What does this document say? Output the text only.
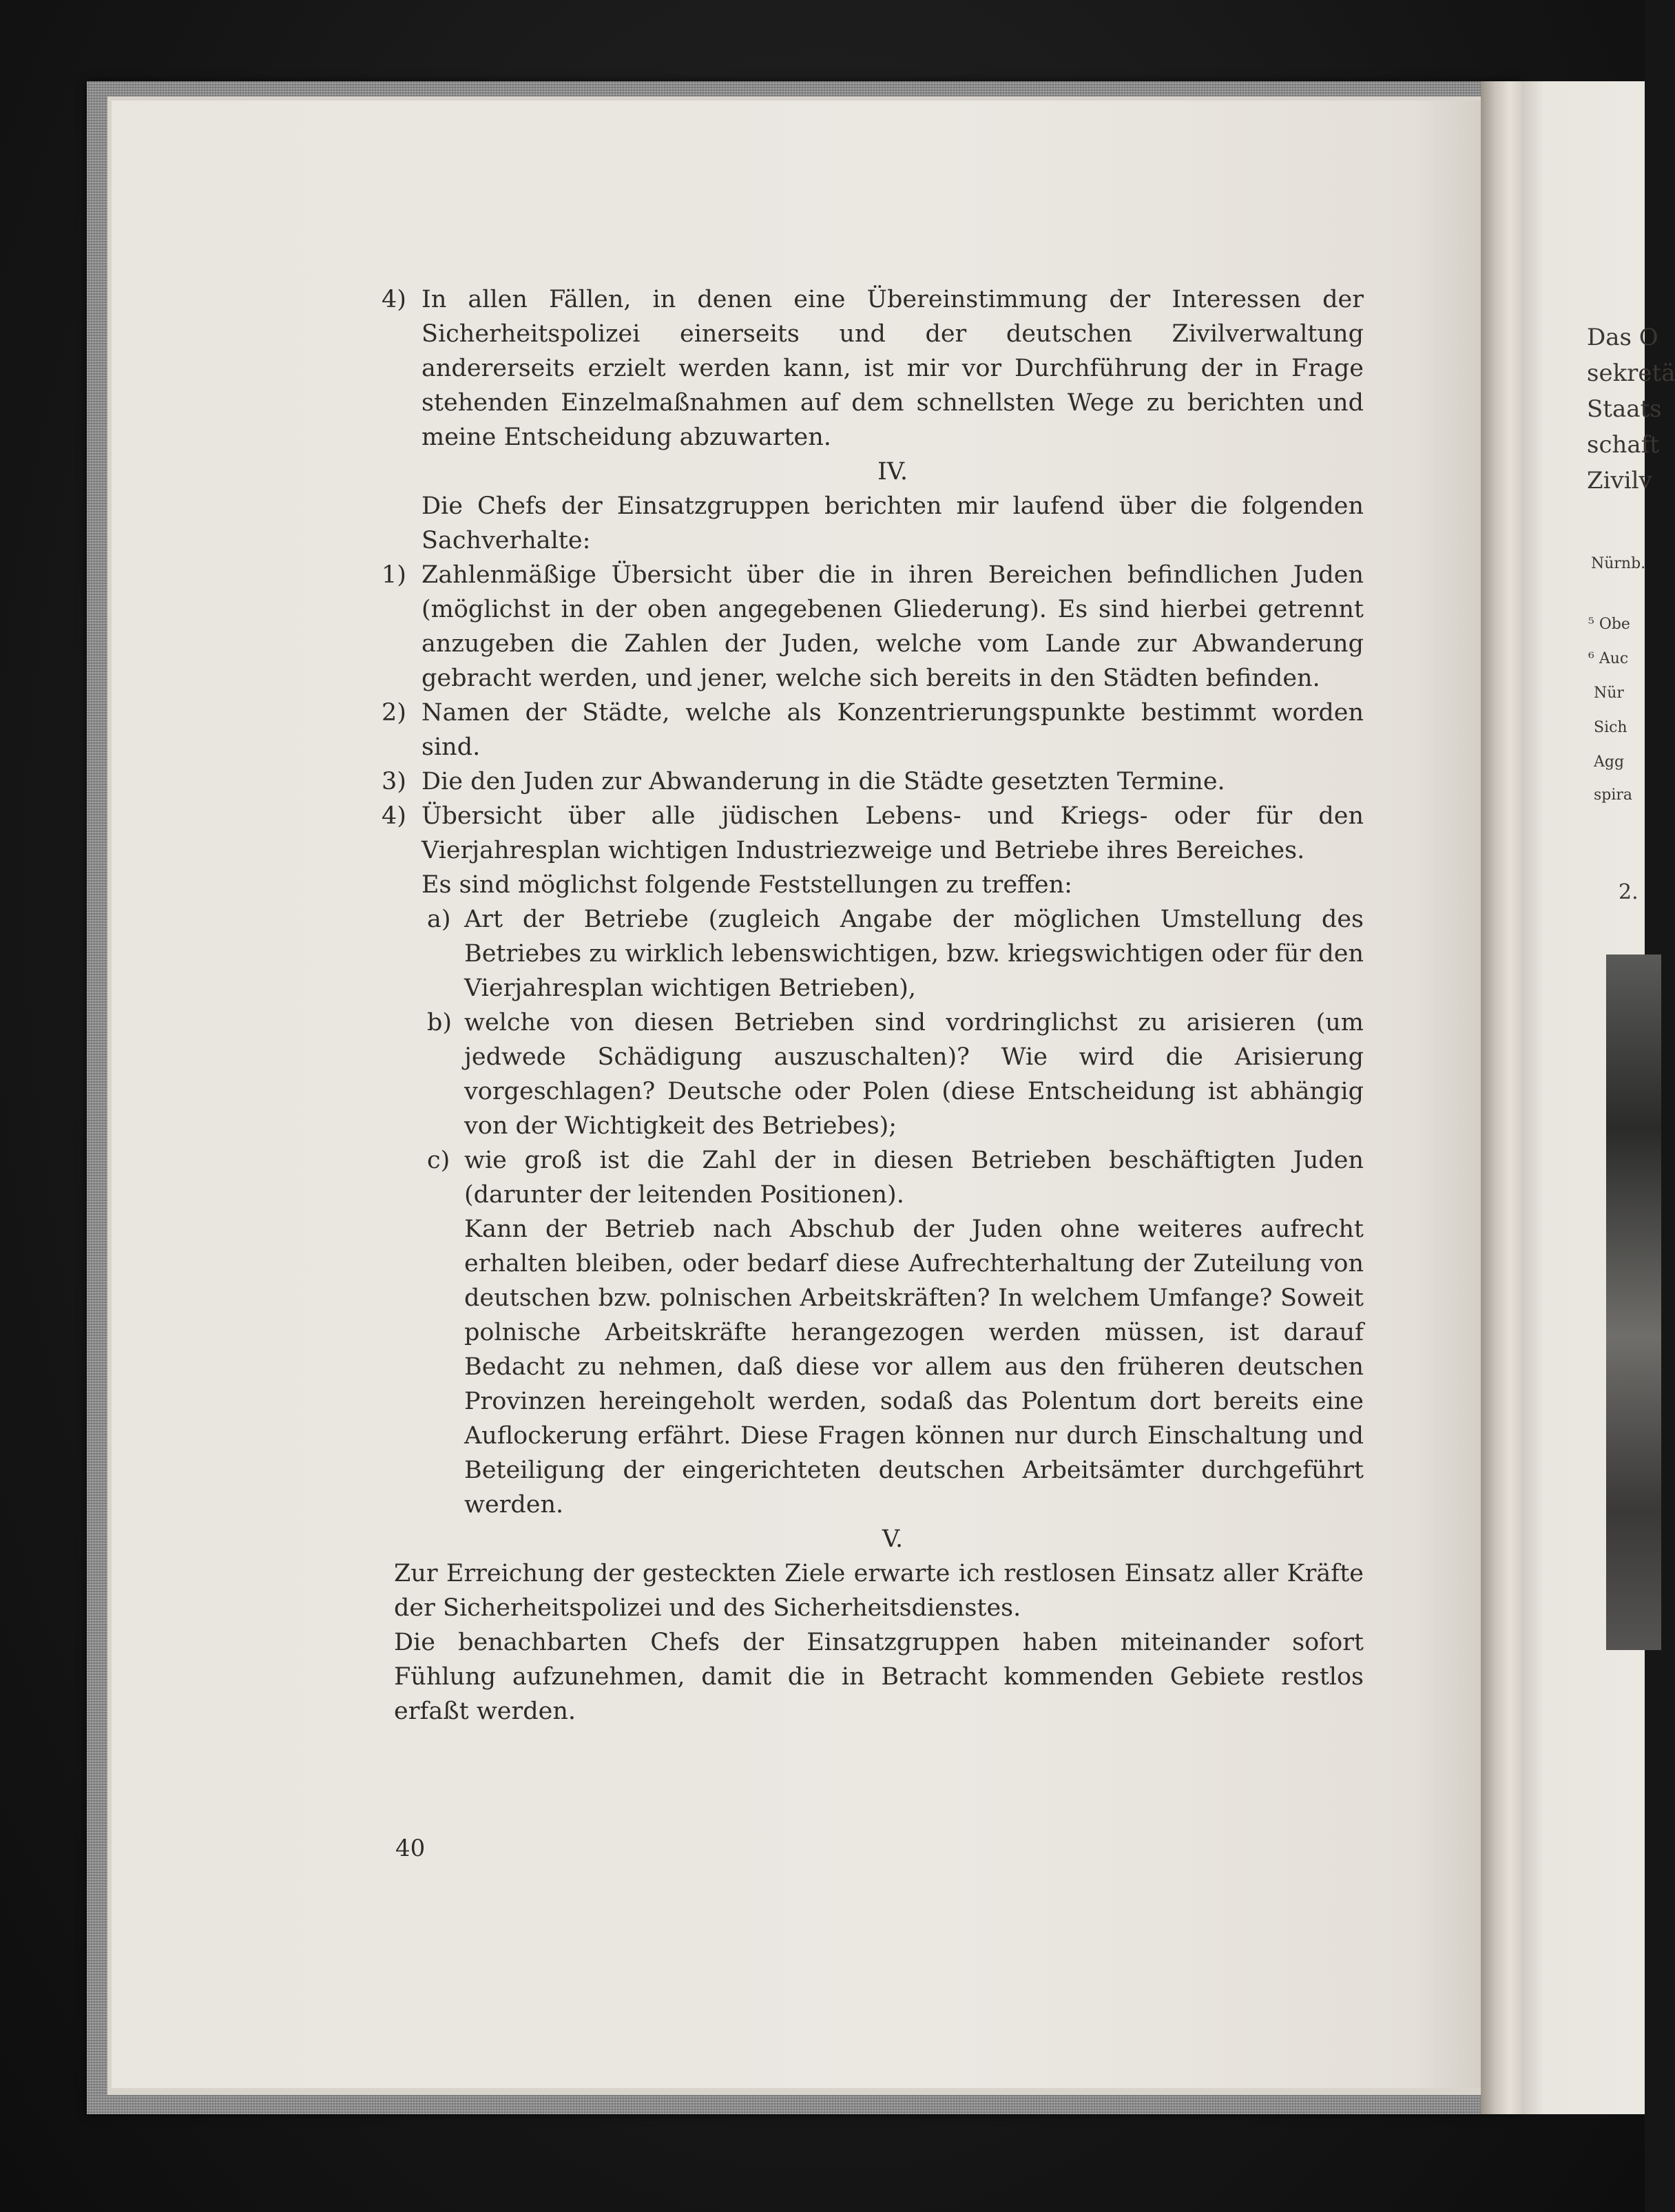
4) In allen Fällen, in denen eine Übereinstimmung der Interessen der Sicherheitspolizei einerseits und der deutschen Zivilverwaltung andererseits erzielt werden kann, ist mir vor Durchführung der in Frage stehenden Einzelmaßnahmen auf dem schnellsten Wege zu berichten und meine Entscheidung abzuwarten.
IV.
Die Chefs der Einsatzgruppen berichten mir laufend über die folgenden Sachverhalte:
1) Zahlenmäßige Übersicht über die in ihren Bereichen befindlichen Juden (möglichst in der oben angegebenen Gliederung). Es sind hierbei getrennt anzugeben die Zahlen der Juden, welche vom Lande zur Abwanderung gebracht werden, und jener, welche sich bereits in den Städten befinden.
2) Namen der Städte, welche als Konzentrierungspunkte bestimmt worden sind.
3) Die den Juden zur Abwanderung in die Städte gesetzten Termine.
4) Übersicht über alle jüdischen Lebens- und Kriegs- oder für den Vierjahresplan wichtigen Industriezweige und Betriebe ihres Bereiches.
Es sind möglichst folgende Feststellungen zu treffen:
a) Art der Betriebe (zugleich Angabe der möglichen Umstellung des Betriebes zu wirklich lebenswichtigen, bzw. kriegswichtigen oder für den Vierjahresplan wichtigen Betrieben),
b) welche von diesen Betrieben sind vordringlichst zu arisieren (um jedwede Schädigung auszuschalten)? Wie wird die Arisierung vorgeschlagen? Deutsche oder Polen (diese Entscheidung ist abhängig von der Wichtigkeit des Betriebes);
c) wie groß ist die Zahl der in diesen Betrieben beschäftigten Juden (darunter der leitenden Positionen).
Kann der Betrieb nach Abschub der Juden ohne weiteres aufrecht erhalten bleiben, oder bedarf diese Aufrechterhaltung der Zuteilung von deutschen bzw. polnischen Arbeitskräften? In welchem Umfange? Soweit polnische Arbeitskräfte herangezogen werden müssen, ist darauf Bedacht zu nehmen, daß diese vor allem aus den früheren deutschen Provinzen hereingeholt werden, sodaß das Polentum dort bereits eine Auflockerung erfährt. Diese Fragen können nur durch Einschaltung und Beteiligung der eingerichteten deutschen Arbeitsämter durchgeführt werden.
V.
Zur Erreichung der gesteckten Ziele erwarte ich restlosen Einsatz aller Kräfte der Sicherheitspolizei und des Sicherheitsdienstes.
Die benachbarten Chefs der Einsatzgruppen haben miteinander sofort Fühlung aufzunehmen, damit die in Betracht kommenden Gebiete restlos erfaßt werden.
40
Das O
sekretä
Staats
schaft
Zivilv
Nürnb.
⁵ Obe
⁶ Auc
Nür
Sich
Agg
spira
2.
